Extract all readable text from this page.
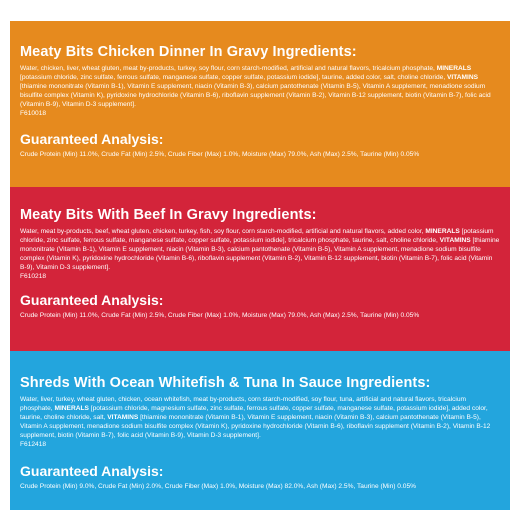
Meaty Bits Chicken Dinner In Gravy Ingredients:

Water, chicken, liver, wheat gluten, meat by-products, turkey, soy flour, corn starch-modified, artificial and natural flavors, tricalcium phosphate, MINERALS [potassium chloride, zinc sulfate, ferrous sulfate, manganese sulfate, copper sulfate, potassium iodide], taurine, added color, salt, choline chloride, VITAMINS [thiamine mononitrate (Vitamin B-1), Vitamin E supplement, niacin (Vitamin B-3), calcium pantothenate (Vitamin B-5), Vitamin A supplement, menadione sodium bisulfite complex (Vitamin K), pyridoxine hydrochloride (Vitamin B-6), riboflavin supplement (Vitamin B-2), Vitamin B-12 supplement, biotin (Vitamin B-7), folic acid (Vitamin B-9), Vitamin D-3 supplement].
F610018

Guaranteed Analysis:

Crude Protein (Min) 11.0%, Crude Fat (Min) 2.5%, Crude Fiber (Max) 1.0%, Moisture (Max) 79.0%, Ash (Max) 2.5%, Taurine (Min) 0.05%

Meaty Bits With Beef In Gravy Ingredients:

Water, meat by-products, beef, wheat gluten, chicken, turkey, fish, soy flour, corn starch-modified, artificial and natural flavors, added color, MINERALS [potassium chloride, zinc sulfate, ferrous sulfate, manganese sulfate, copper sulfate, potassium iodide], tricalcium phosphate, taurine, salt, choline chloride, VITAMINS [thiamine mononitrate (Vitamin B-1), Vitamin E supplement, niacin (Vitamin B-3), calcium pantothenate (Vitamin B-5), Vitamin A supplement, menadione sodium bisulfite complex (Vitamin K), pyridoxine hydrochloride (Vitamin B-6), riboflavin supplement (Vitamin B-2), Vitamin B-12 supplement, biotin (Vitamin B-7), folic acid (Vitamin B-9), Vitamin D-3 supplement].
F610218

Guaranteed Analysis:

Crude Protein (Min) 11.0%, Crude Fat (Min) 2.5%, Crude Fiber (Max) 1.0%, Moisture (Max) 79.0%, Ash (Max) 2.5%, Taurine (Min) 0.05%

Shreds With Ocean Whitefish & Tuna In Sauce Ingredients:

Water, liver, turkey, wheat gluten, chicken, ocean whitefish, meat by-products, corn starch-modified, soy flour, tuna, artificial and natural flavors, tricalcium phosphate, MINERALS [potassium chloride, magnesium sulfate, zinc sulfate, ferrous sulfate, copper sulfate, manganese sulfate, potassium iodide], added color, taurine, choline chloride, salt, VITAMINS [thiamine mononitrate (Vitamin B-1), Vitamin E supplement, niacin (Vitamin B-3), calcium pantothenate (Vitamin B-5), Vitamin A supplement, menadione sodium bisulfite complex (Vitamin K), pyridoxine hydrochloride (Vitamin B-6), riboflavin supplement (Vitamin B-2), Vitamin B-12 supplement, biotin (Vitamin B-7), folic acid (Vitamin B-9), Vitamin D-3 supplement].
F612418

Guaranteed Analysis:

Crude Protein (Min) 9.0%, Crude Fat (Min) 2.0%, Crude Fiber (Max) 1.0%, Moisture (Max) 82.0%, Ash (Max) 2.5%, Taurine (Min) 0.05%
